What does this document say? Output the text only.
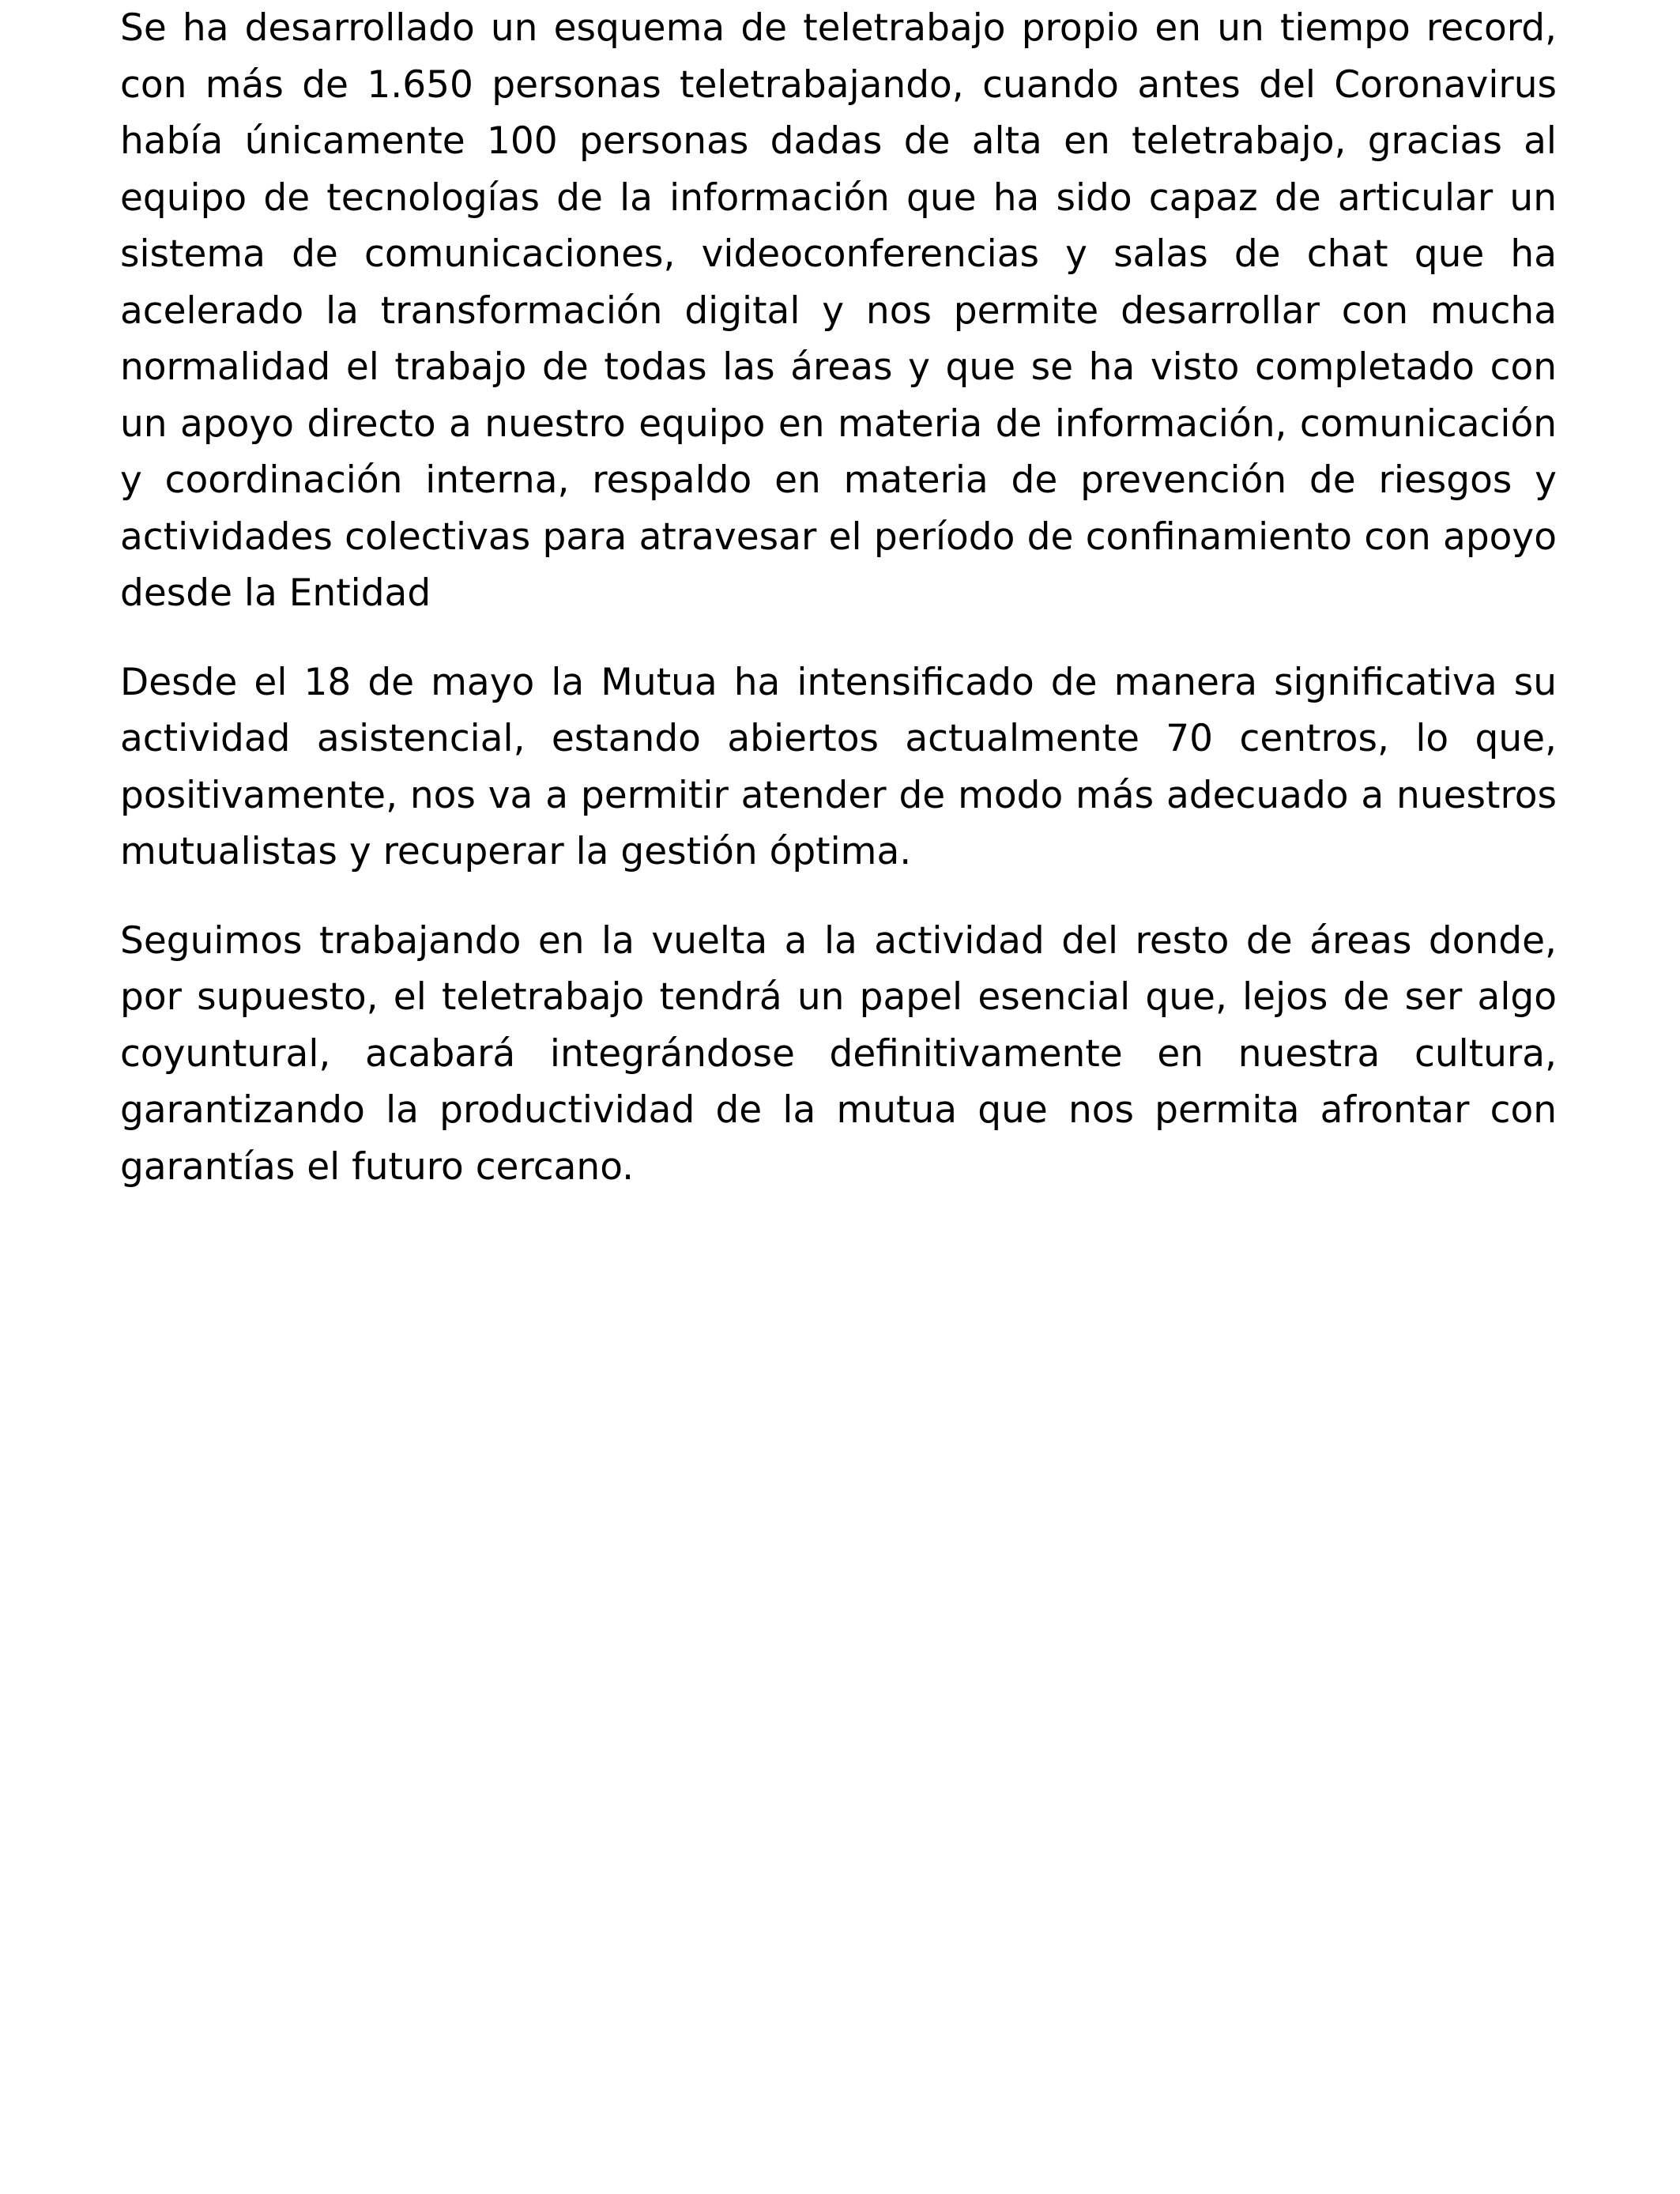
Se ha desarrollado un esquema de teletrabajo propio en un tiempo record, con más de 1.650 personas teletrabajando, cuando antes del Coronavirus había únicamente 100 personas dadas de alta en teletrabajo, gracias al equipo de tecnologías de la información que ha sido capaz de articular un sistema de comunicaciones, videoconferencias y salas de chat que ha acelerado la transformación digital y nos permite desarrollar con mucha normalidad el trabajo de todas las áreas y que se ha visto completado con un apoyo directo a nuestro equipo en materia de información, comunicación y coordinación interna, respaldo en materia de prevención de riesgos y actividades colectivas para atravesar el período de confinamiento con apoyo desde la Entidad

Desde el 18 de mayo la Mutua ha intensificado de manera significativa su actividad asistencial, estando abiertos actualmente 70 centros, lo que, positivamente, nos va a permitir atender de modo más adecuado a nuestros mutualistas y recuperar la gestión óptima.

Seguimos trabajando en la vuelta a la actividad del resto de áreas donde, por supuesto, el teletrabajo tendrá un papel esencial que, lejos de ser algo coyuntural, acabará integrándose definitivamente en nuestra cultura, garantizando la productividad de la mutua que nos permita afrontar con garantías el futuro cercano.
